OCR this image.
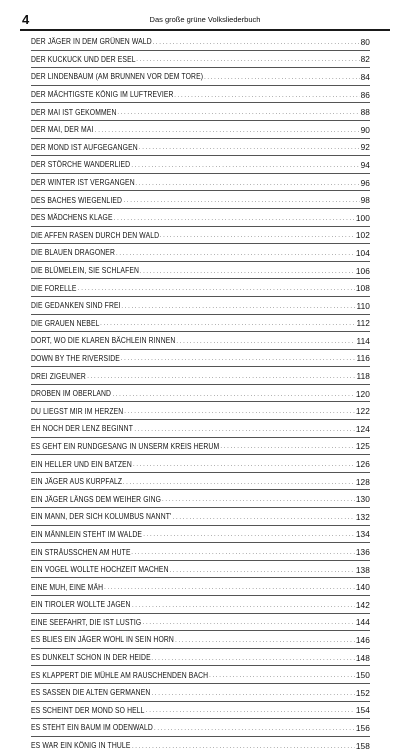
4	Das große grüne Volksliederbuch
DER JÄGER IN DEM GRÜNEN WALD .....	80
DER KUCKUCK UND DER ESEL .....	82
DER LINDENBAUM (AM BRUNNEN VOR DEM TORE) .....	84
DER MÄCHTIGSTE KÖNIG IM LUFTREVIER .....	86
DER MAI IST GEKOMMEN .....	88
DER MAI, DER MAI .....	90
DER MOND IST AUFGEGANGEN .....	92
DER STÖRCHE WANDERLIED .....	94
DER WINTER IST VERGANGEN .....	96
DES BACHES WIEGENLIED .....	98
DES MÄDCHENS KLAGE .....	100
DIE AFFEN RASEN DURCH DEN WALD .....	102
DIE BLAUEN DRAGONER .....	104
DIE BLÜMELEIN, SIE SCHLAFEN .....	106
DIE FORELLE .....	108
DIE GEDANKEN SIND FREI .....	110
DIE GRAUEN NEBEL .....	112
DORT, WO DIE KLAREN BÄCHLEIN RINNEN .....	114
DOWN BY THE RIVERSIDE .....	116
DREI ZIGEUNER .....	118
DROBEN IM OBERLAND .....	120
DU LIEGST MIR IM HERZEN .....	122
EH NOCH DER LENZ BEGINNT .....	124
ES GEHT EIN RUNDGESANG IN UNSERM KREIS HERUM .....	125
EIN HELLER UND EIN BATZEN .....	126
EIN JÄGER AUS KURPFALZ .....	128
EIN JÄGER LÄNGS DEM WEIHER GING .....	130
EIN MANN, DER SICH KOLUMBUS NANNT' .....	132
EIN MÄNNLEIN STEHT IM WALDE .....	134
EIN STRÄUSSCHEN AM HUTE .....	136
EIN VOGEL WOLLTE HOCHZEIT MACHEN .....	138
EINE MUH, EINE MÄH .....	140
EIN TIROLER WOLLTE JAGEN .....	142
EINE SEEFAHRT, DIE IST LUSTIG .....	144
ES BLIES EIN JÄGER WOHL IN SEIN HORN .....	146
ES DUNKELT SCHON IN DER HEIDE .....	148
ES KLAPPERT DIE MÜHLE AM RAUSCHENDEN BACH .....	150
ES SASSEN DIE ALTEN GERMANEN .....	152
ES SCHEINT DER MOND SO HELL .....	154
ES STEHT EIN BAUM IM ODENWALD .....	156
ES WAR EIN KÖNIG IN THULE .....	158
